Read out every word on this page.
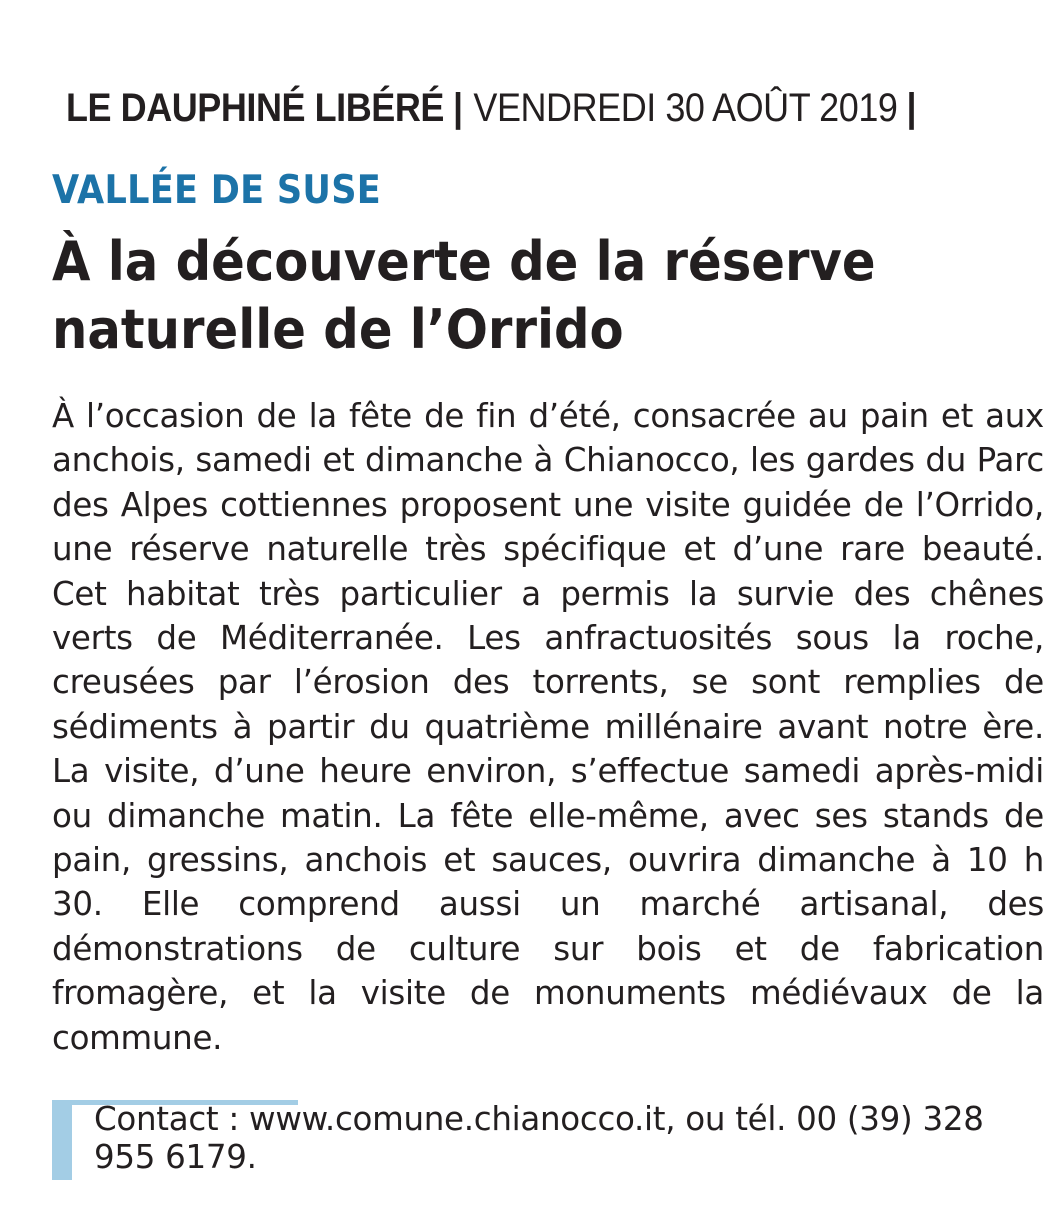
LE DAUPHINÉ LIBÉRÉ | VENDREDI 30 AOÛT 2019 |
VALLÉE DE SUSE
À la découverte de la réserve naturelle de l’Orrido

À l’occasion de la fête de fin d’été, consacrée au pain et aux anchois, samedi et dimanche à Chianocco, les gardes du Parc des Alpes cottiennes proposent une visite guidée de l’Orrido, une réserve naturelle très spécifique et d’une rare beauté. Cet habitat très particulier a permis la survie des chênes verts de Méditerranée. Les anfractuosités sous la roche, creusées par l’érosion des torrents, se sont remplies de sédiments à partir du quatrième millénaire avant notre ère. La visite, d’une heure environ, s’effectue samedi après-midi ou dimanche matin. La fête elle-même, avec ses stands de pain, gressins, anchois et sauces, ouvrira dimanche à 10 h 30. Elle comprend aussi un marché artisanal, des démonstrations de culture sur bois et de fabrication fromagère, et la visite de monuments médiévaux de la commune.

Contact : www.comune.chianocco.it, ou tél. 00 (39) 328 955 6179.
